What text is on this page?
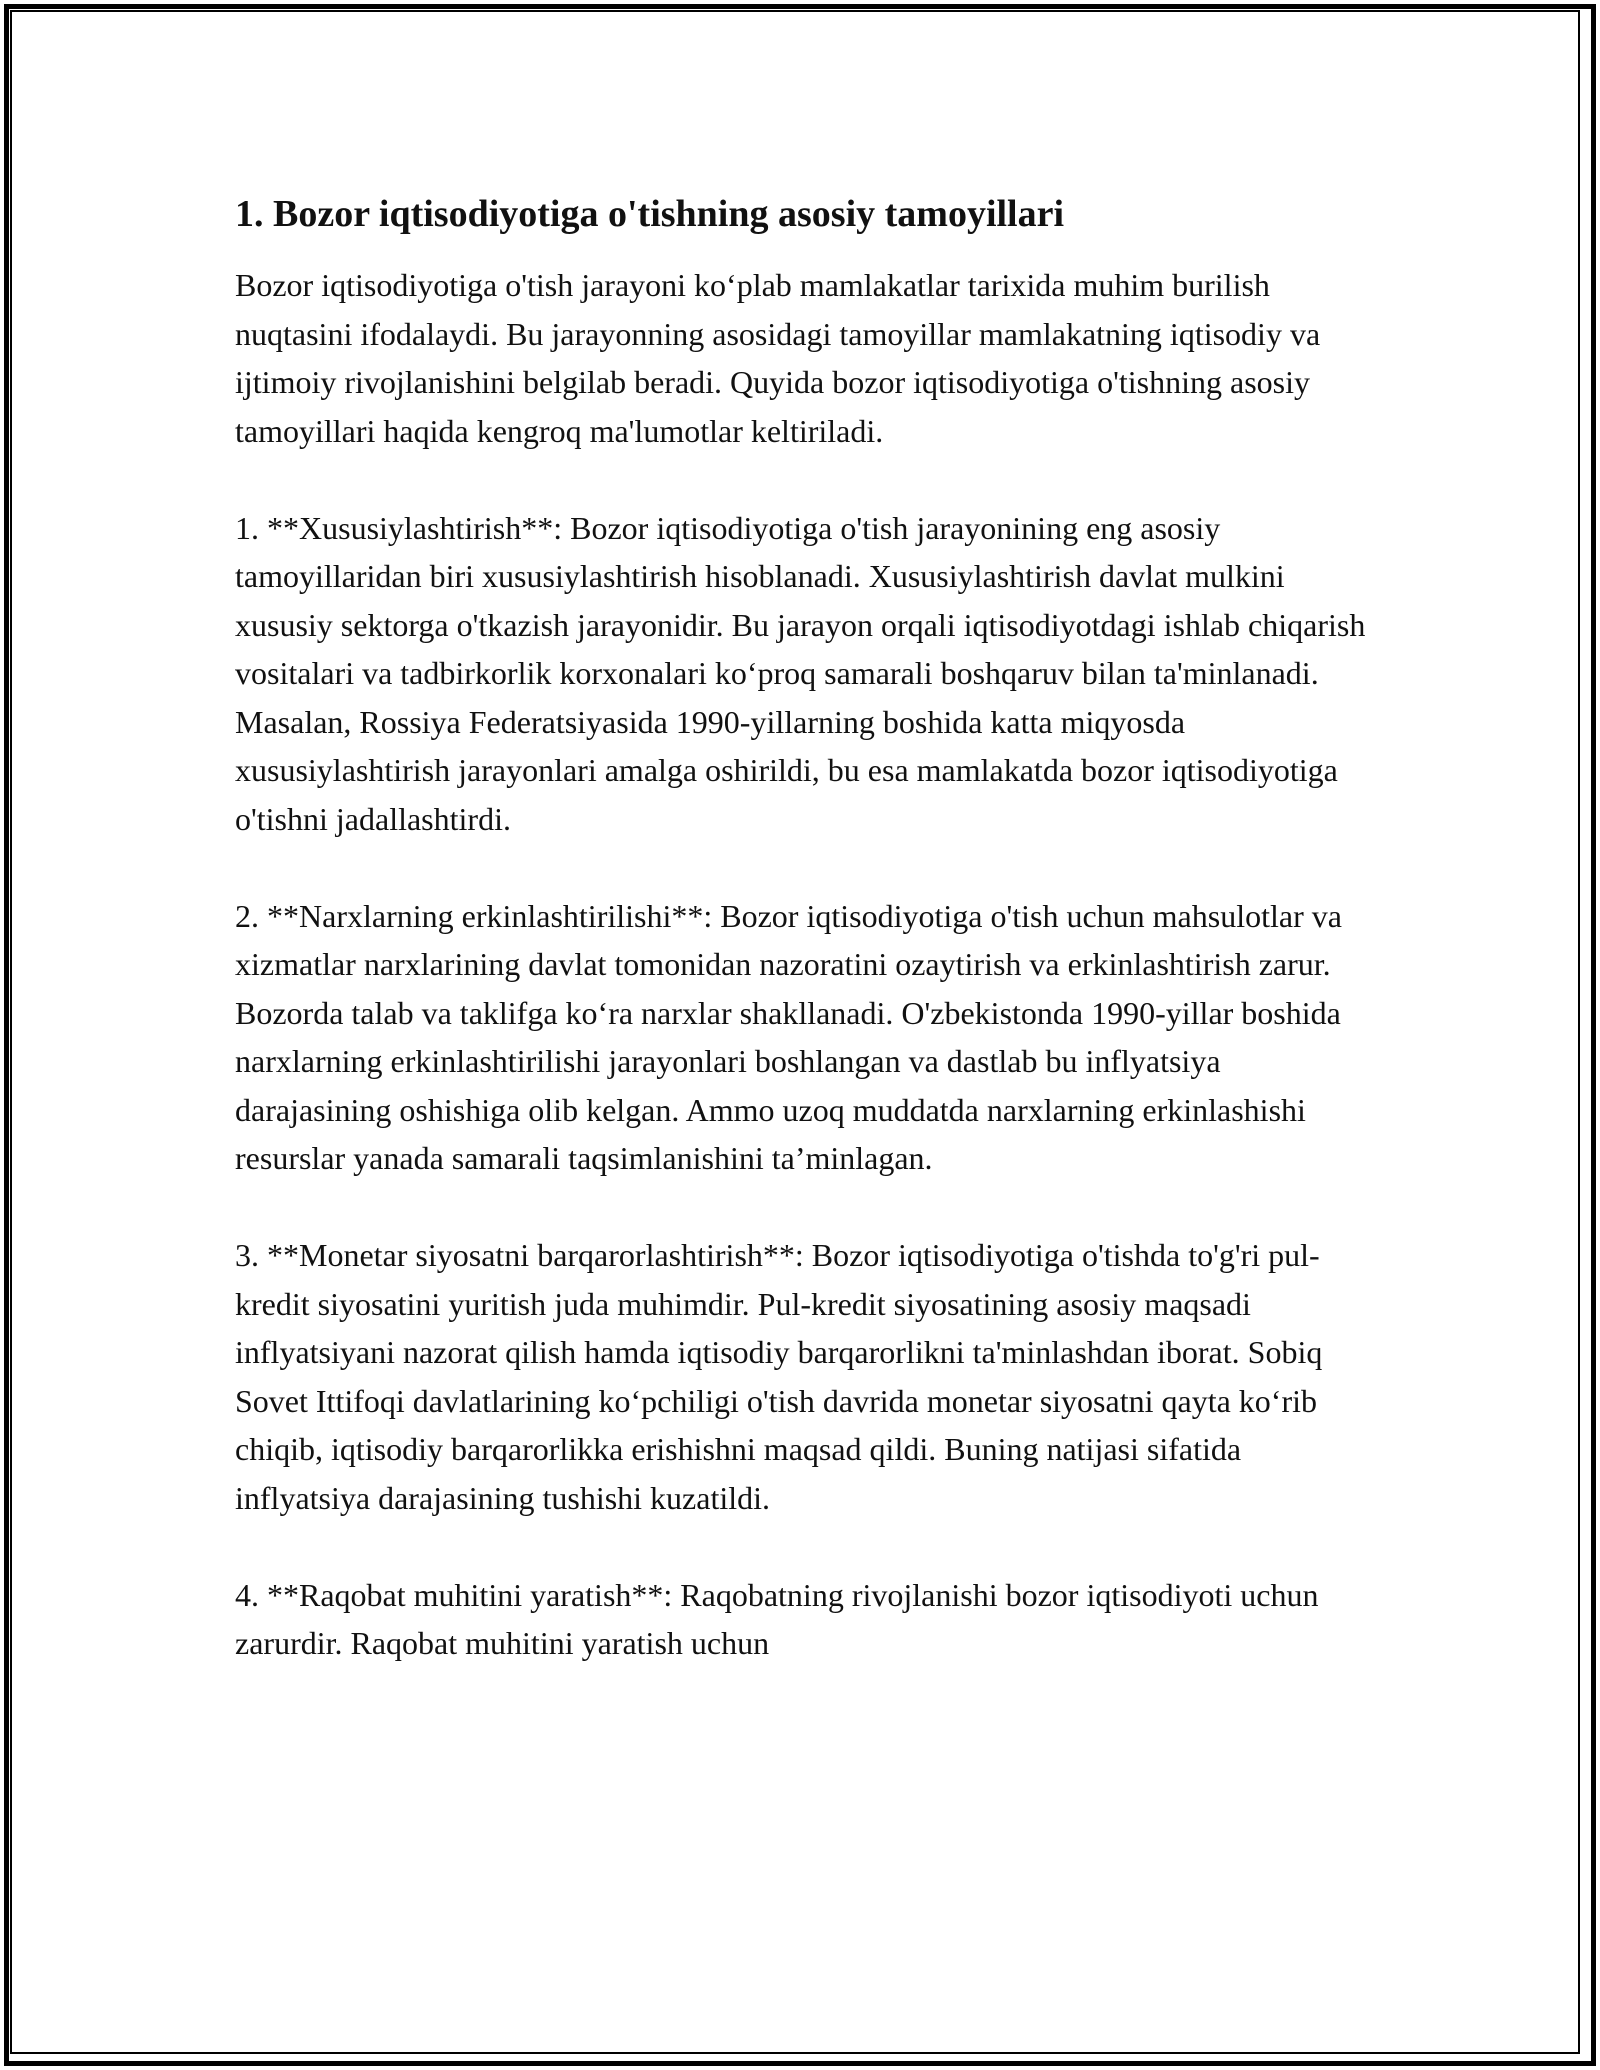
1. Bozor iqtisodiyotiga o'tishning asosiy tamoyillari

Bozor iqtisodiyotiga o'tish jarayoni ko‘plab mamlakatlar tarixida muhim burilish nuqtasini ifodalaydi. Bu jarayonning asosidagi tamoyillar mamlakatning iqtisodiy va ijtimoiy rivojlanishini belgilab beradi. Quyida bozor iqtisodiyotiga o'tishning asosiy tamoyillari haqida kengroq ma'lumotlar keltiriladi.

1. **Xususiylashtirish**: Bozor iqtisodiyotiga o'tish jarayonining eng asosiy tamoyillaridan biri xususiylashtirish hisoblanadi. Xususiylashtirish davlat mulkini xususiy sektorga o'tkazish jarayonidir. Bu jarayon orqali iqtisodiyotdagi ishlab chiqarish vositalari va tadbirkorlik korxonalari ko‘proq samarali boshqaruv bilan ta'minlanadi. Masalan, Rossiya Federatsiyasida 1990-yillarning boshida katta miqyosda xususiylashtirish jarayonlari amalga oshirildi, bu esa mamlakatda bozor iqtisodiyotiga o'tishni jadallashtirdi.

2. **Narxlarning erkinlashtirilishi**: Bozor iqtisodiyotiga o'tish uchun mahsulotlar va xizmatlar narxlarining davlat tomonidan nazoratini ozaytirish va erkinlashtirish zarur. Bozorda talab va taklifga ko‘ra narxlar shakllanadi. O'zbekistonda 1990-yillar boshida narxlarning erkinlashtirilishi jarayonlari boshlangan va dastlab bu inflyatsiya darajasining oshishiga olib kelgan. Ammo uzoq muddatda narxlarning erkinlashishi resurslar yanada samarali taqsimlanishini ta’minlagan.

3. **Monetar siyosatni barqarorlashtirish**: Bozor iqtisodiyotiga o'tishda to'g'ri pul-kredit siyosatini yuritish juda muhimdir. Pul-kredit siyosatining asosiy maqsadi inflyatsiyani nazorat qilish hamda iqtisodiy barqarorlikni ta'minlashdan iborat. Sobiq Sovet Ittifoqi davlatlarining ko‘pchiligi o'tish davrida monetar siyosatni qayta ko‘rib chiqib, iqtisodiy barqarorlikka erishishni maqsad qildi. Buning natijasi sifatida inflyatsiya darajasining tushishi kuzatildi.

4. **Raqobat muhitini yaratish**: Raqobatning rivojlanishi bozor iqtisodiyoti uchun zarurdir. Raqobat muhitini yaratish uchun
